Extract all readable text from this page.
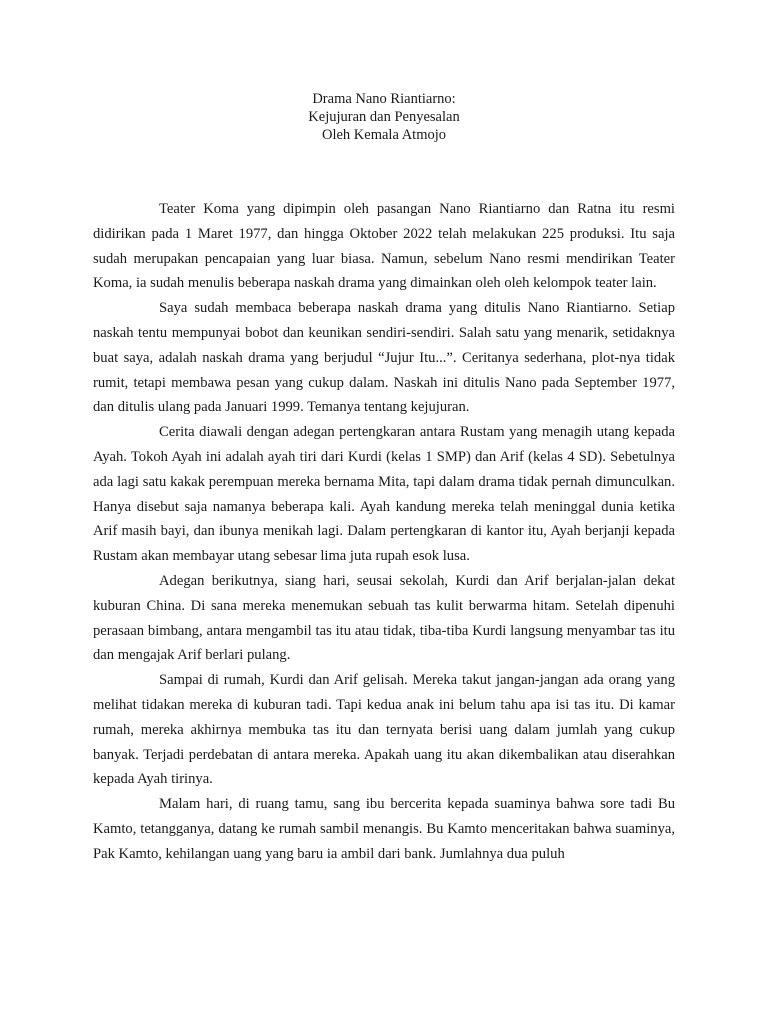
Drama Nano Riantiarno:
Kejujuran dan Penyesalan
Oleh Kemala Atmojo

Teater Koma yang dipimpin oleh pasangan Nano Riantiarno dan Ratna itu resmi didirikan pada 1 Maret 1977, dan hingga Oktober 2022 telah melakukan 225 produksi. Itu saja sudah merupakan pencapaian yang luar biasa. Namun, sebelum Nano resmi mendirikan Teater Koma, ia sudah menulis beberapa naskah drama yang dimainkan oleh oleh kelompok teater lain.

Saya sudah membaca beberapa naskah drama yang ditulis Nano Riantiarno. Setiap naskah tentu mempunyai bobot dan keunikan sendiri-sendiri. Salah satu yang menarik, setidaknya buat saya, adalah naskah drama yang berjudul “Jujur Itu...”. Ceritanya sederhana, plot-nya tidak rumit, tetapi membawa pesan yang cukup dalam. Naskah ini ditulis Nano pada September 1977, dan ditulis ulang pada Januari 1999. Temanya tentang kejujuran.

Cerita diawali dengan adegan pertengkaran antara Rustam yang menagih utang kepada Ayah. Tokoh Ayah ini adalah ayah tiri dari Kurdi (kelas 1 SMP) dan Arif (kelas 4 SD). Sebetulnya ada lagi satu kakak perempuan mereka bernama Mita, tapi dalam drama tidak pernah dimunculkan. Hanya disebut saja namanya beberapa kali. Ayah kandung mereka telah meninggal dunia ketika Arif masih bayi, dan ibunya menikah lagi. Dalam pertengkaran di kantor itu, Ayah berjanji kepada Rustam akan membayar utang sebesar lima juta rupah esok lusa.

Adegan berikutnya, siang hari, seusai sekolah, Kurdi dan Arif berjalan-jalan dekat kuburan China. Di sana mereka menemukan sebuah tas kulit berwarma hitam. Setelah dipenuhi perasaan bimbang, antara mengambil tas itu atau tidak, tiba-tiba Kurdi langsung menyambar tas itu dan mengajak Arif berlari pulang.

Sampai di rumah, Kurdi dan Arif gelisah. Mereka takut jangan-jangan ada orang yang melihat tidakan mereka di kuburan tadi. Tapi kedua anak ini belum tahu apa isi tas itu. Di kamar rumah, mereka akhirnya membuka tas itu dan ternyata berisi uang dalam jumlah yang cukup banyak. Terjadi perdebatan di antara mereka. Apakah uang itu akan dikembalikan atau diserahkan kepada Ayah tirinya.

Malam hari, di ruang tamu, sang ibu bercerita kepada suaminya bahwa sore tadi Bu Kamto, tetangganya, datang ke rumah sambil menangis. Bu Kamto menceritakan bahwa suaminya, Pak Kamto, kehilangan uang yang baru ia ambil dari bank. Jumlahnya dua puluh
